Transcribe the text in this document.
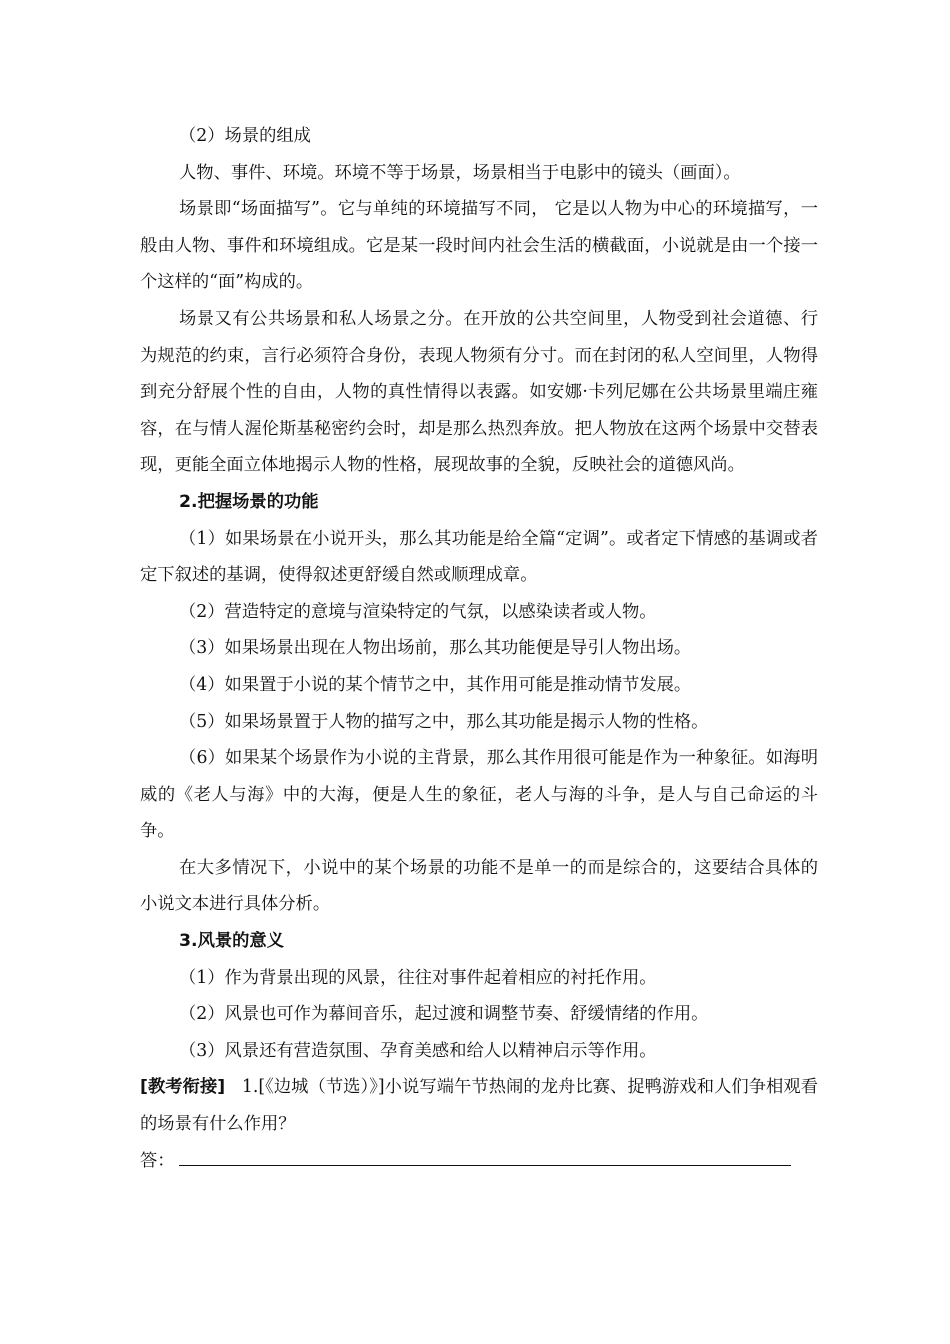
（2）场景的组成

人物、事件、环境。环境不等于场景，场景相当于电影中的镜头（画面）。

场景即“场面描写”。它与单纯的环境描写不同， 它是以人物为中心的环境描写，一般由人物、事件和环境组成。它是某一段时间内社会生活的横截面，小说就是由一个接一个这样的“面”构成的。

场景又有公共场景和私人场景之分。在开放的公共空间里，人物受到社会道德、行为规范的约束，言行必须符合身份，表现人物须有分寸。而在封闭的私人空间里，人物得到充分舒展个性的自由，人物的真性情得以表露。如安娜·卡列尼娜在公共场景里端庄雍容，在与情人渥伦斯基秘密约会时，却是那么热烈奔放。把人物放在这两个场景中交替表现，更能全面立体地揭示人物的性格，展现故事的全貌，反映社会的道德风尚。

2.把握场景的功能

（1）如果场景在小说开头，那么其功能是给全篇“定调”。或者定下情感的基调或者定下叙述的基调，使得叙述更舒缓自然或顺理成章。

（2）营造特定的意境与渲染特定的气氛，以感染读者或人物。

（3）如果场景出现在人物出场前，那么其功能便是导引人物出场。

（4）如果置于小说的某个情节之中，其作用可能是推动情节发展。

（5）如果场景置于人物的描写之中，那么其功能是揭示人物的性格。

（6）如果某个场景作为小说的主背景，那么其作用很可能是作为一种象征。如海明威的《老人与海》中的大海，便是人生的象征，老人与海的斗争，是人与自己命运的斗争。

在大多情况下，小说中的某个场景的功能不是单一的而是综合的，这要结合具体的小说文本进行具体分析。

3.风景的意义

（1）作为背景出现的风景，往往对事件起着相应的衬托作用。

（2）风景也可作为幕间音乐，起过渡和调整节奏、舒缓情绪的作用。

（3）风景还有营造氛围、孕育美感和给人以精神启示等作用。

[教考衔接] 1.[《边城（节选）》]小说写端午节热闹的龙舟比赛、捉鸭游戏和人们争相观看的场景有什么作用？

答：
